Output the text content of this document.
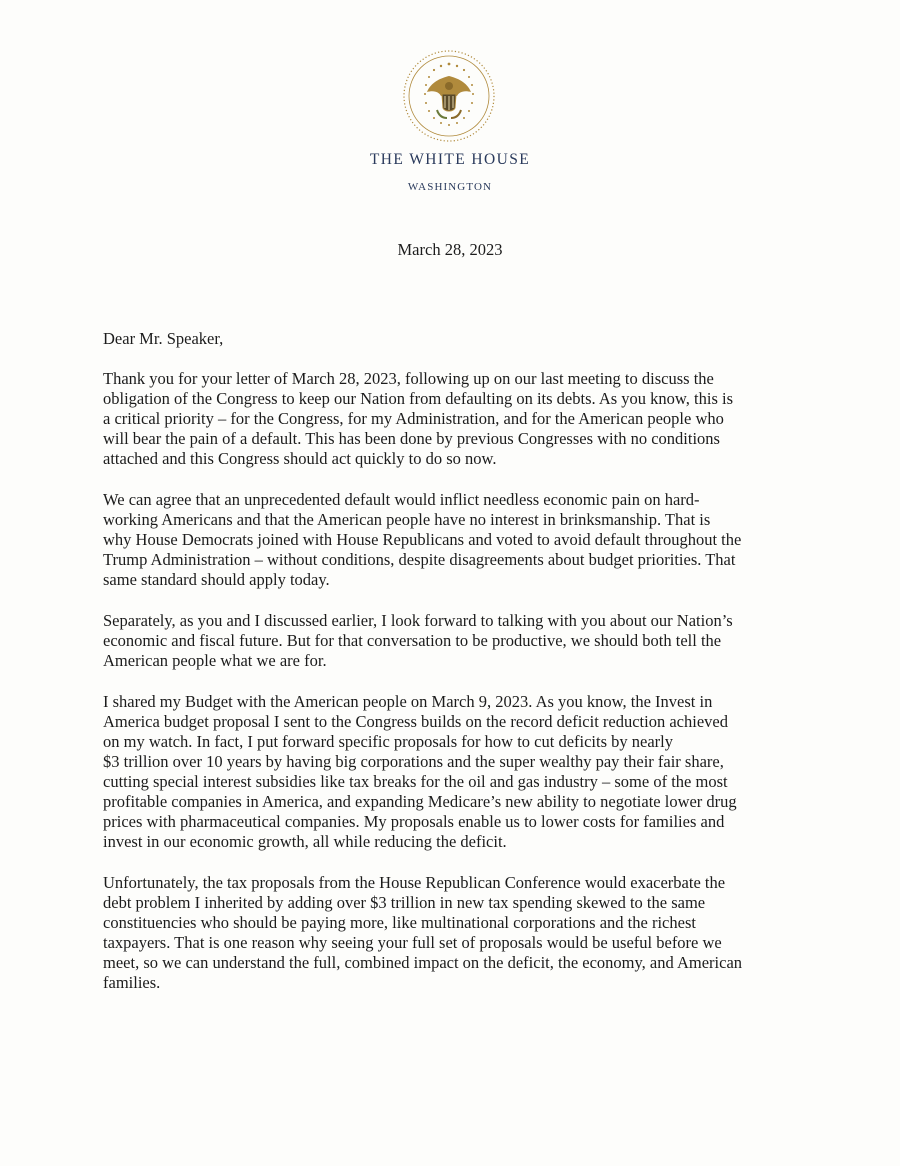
THE WHITE HOUSE
WASHINGTON
March 28, 2023
Dear Mr. Speaker,
Thank you for your letter of March 28, 2023, following up on our last meeting to discuss the
obligation of the Congress to keep our Nation from defaulting on its debts. As you know, this is
a critical priority – for the Congress, for my Administration, and for the American people who
will bear the pain of a default. This has been done by previous Congresses with no conditions
attached and this Congress should act quickly to do so now.
We can agree that an unprecedented default would inflict needless economic pain on hard-
working Americans and that the American people have no interest in brinksmanship. That is
why House Democrats joined with House Republicans and voted to avoid default throughout the
Trump Administration – without conditions, despite disagreements about budget priorities. That
same standard should apply today.
Separately, as you and I discussed earlier, I look forward to talking with you about our Nation’s
economic and fiscal future. But for that conversation to be productive, we should both tell the
American people what we are for.
I shared my Budget with the American people on March 9, 2023. As you know, the Invest in
America budget proposal I sent to the Congress builds on the record deficit reduction achieved
on my watch. In fact, I put forward specific proposals for how to cut deficits by nearly
$3 trillion over 10 years by having big corporations and the super wealthy pay their fair share,
cutting special interest subsidies like tax breaks for the oil and gas industry – some of the most
profitable companies in America, and expanding Medicare’s new ability to negotiate lower drug
prices with pharmaceutical companies. My proposals enable us to lower costs for families and
invest in our economic growth, all while reducing the deficit.
Unfortunately, the tax proposals from the House Republican Conference would exacerbate the
debt problem I inherited by adding over $3 trillion in new tax spending skewed to the same
constituencies who should be paying more, like multinational corporations and the richest
taxpayers. That is one reason why seeing your full set of proposals would be useful before we
meet, so we can understand the full, combined impact on the deficit, the economy, and American
families.
